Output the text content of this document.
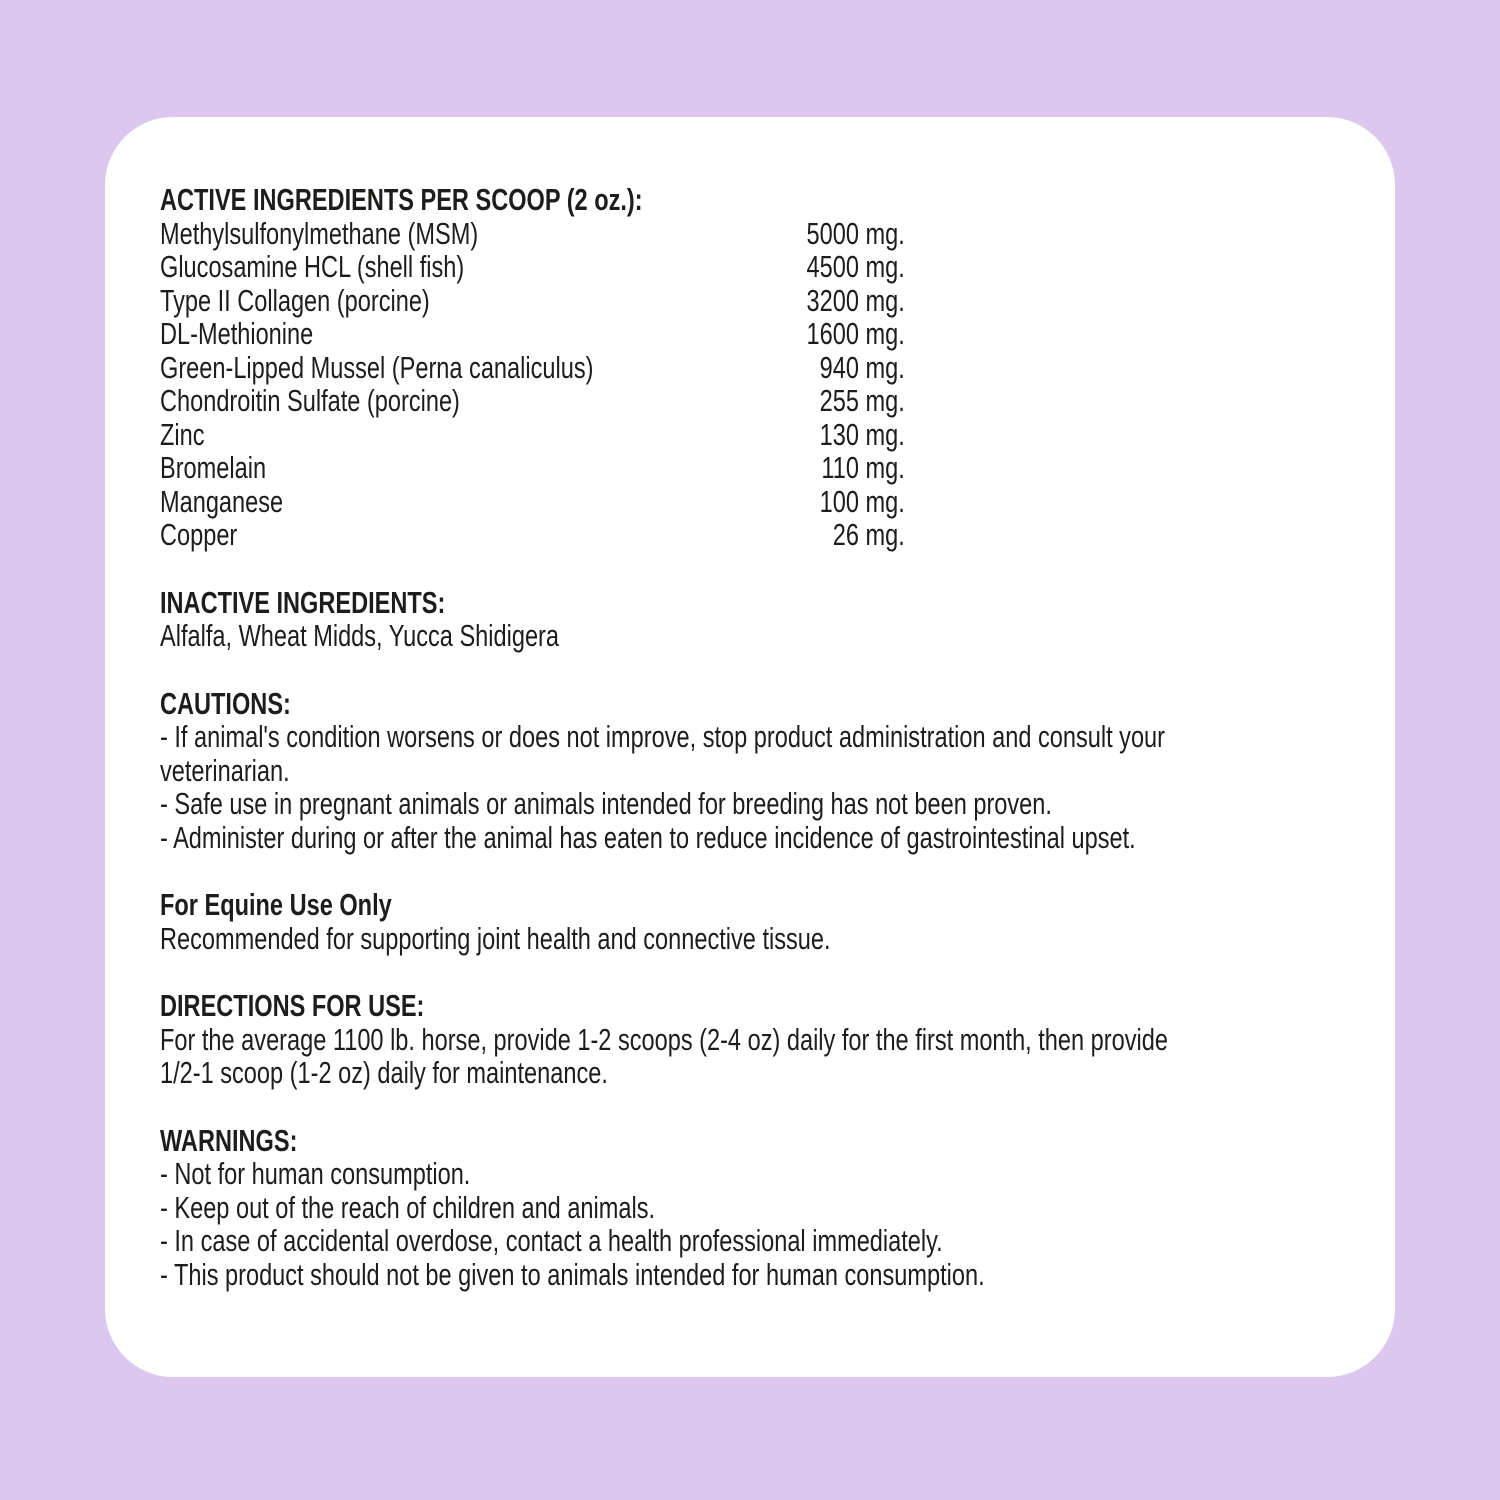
ACTIVE INGREDIENTS PER SCOOP (2 oz.):
Methylsulfonylmethane (MSM)	5000 mg.
Glucosamine HCL (shell fish)	4500 mg.
Type II Collagen (porcine)	3200 mg.
DL-Methionine	1600 mg.
Green-Lipped Mussel (Perna canaliculus)	940 mg.
Chondroitin Sulfate (porcine)	255 mg.
Zinc	130 mg.
Bromelain	110 mg.
Manganese	100 mg.
Copper	26 mg.
INACTIVE INGREDIENTS:
Alfalfa, Wheat Midds, Yucca Shidigera
CAUTIONS:
- If animal's condition worsens or does not improve, stop product administration and consult your
veterinarian.
- Safe use in pregnant animals or animals intended for breeding has not been proven.
- Administer during or after the animal has eaten to reduce incidence of gastrointestinal upset.
For Equine Use Only
Recommended for supporting joint health and connective tissue.
DIRECTIONS FOR USE:
For the average 1100 lb. horse, provide 1-2 scoops (2-4 oz) daily for the first month, then provide
1/2-1 scoop (1-2 oz) daily for maintenance.
WARNINGS:
- Not for human consumption.
- Keep out of the reach of children and animals.
- In case of accidental overdose, contact a health professional immediately.
- This product should not be given to animals intended for human consumption.
